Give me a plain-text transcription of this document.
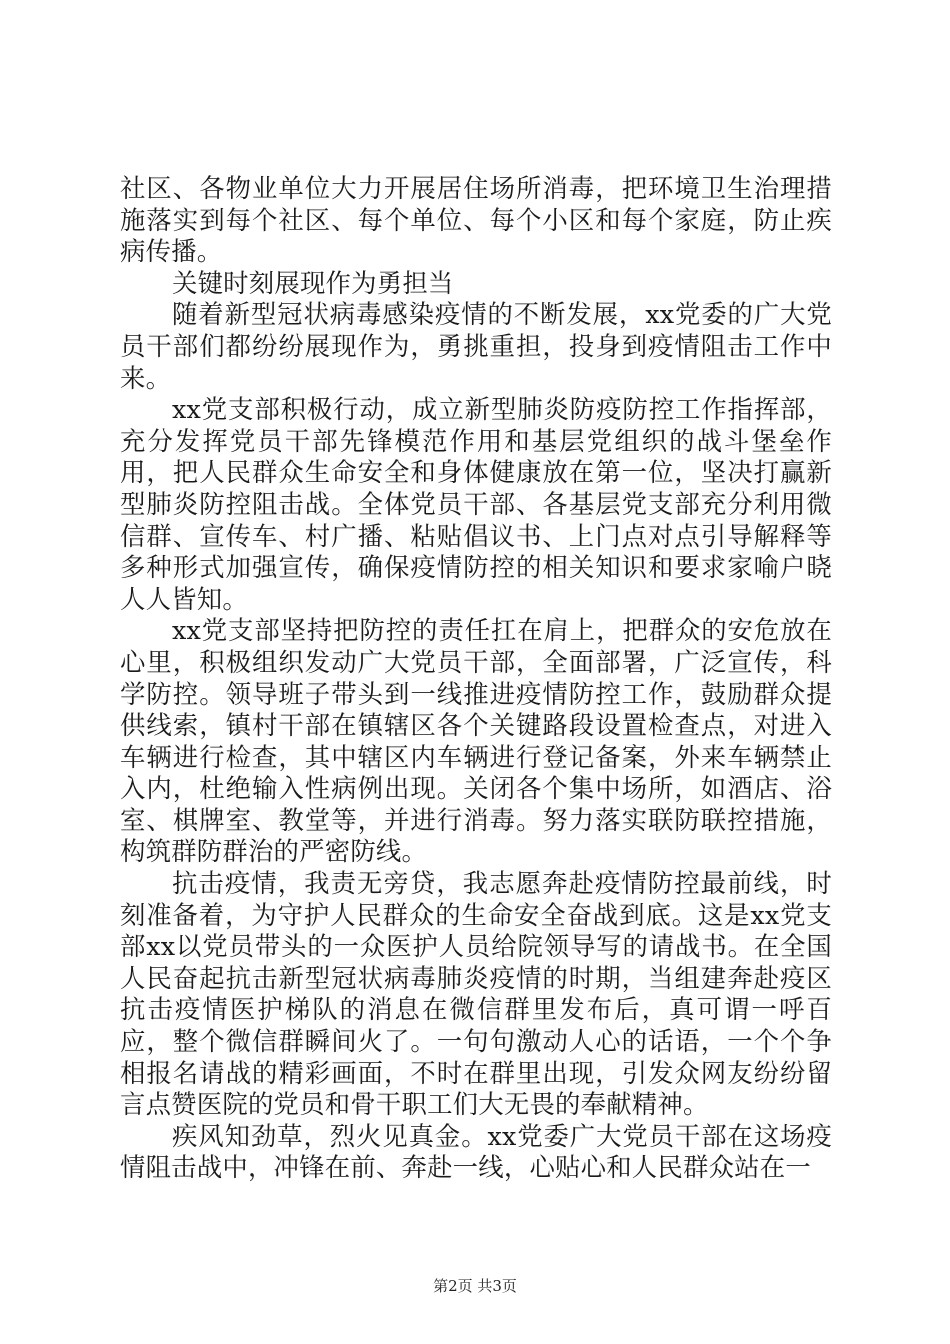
社区、各物业单位大力开展居住场所消毒，把环境卫生治理措施落实到每个社区、每个单位、每个小区和每个家庭，防止疾病传播。

关键时刻展现作为勇担当

随着新型冠状病毒感染疫情的不断发展，xx党委的广大党员干部们都纷纷展现作为，勇挑重担，投身到疫情阻击工作中来。

xx党支部积极行动，成立新型肺炎防疫防控工作指挥部，充分发挥党员干部先锋模范作用和基层党组织的战斗堡垒作用，把人民群众生命安全和身体健康放在第一位，坚决打赢新型肺炎防控阻击战。全体党员干部、各基层党支部充分利用微信群、宣传车、村广播、粘贴倡议书、上门点对点引导解释等多种形式加强宣传，确保疫情防控的相关知识和要求家喻户晓人人皆知。

xx党支部坚持把防控的责任扛在肩上，把群众的安危放在心里，积极组织发动广大党员干部，全面部署，广泛宣传，科学防控。领导班子带头到一线推进疫情防控工作，鼓励群众提供线索，镇村干部在镇辖区各个关键路段设置检查点，对进入车辆进行检查，其中辖区内车辆进行登记备案，外来车辆禁止入内，杜绝输入性病例出现。关闭各个集中场所，如酒店、浴室、棋牌室、教堂等，并进行消毒。努力落实联防联控措施，构筑群防群治的严密防线。

抗击疫情，我责无旁贷，我志愿奔赴疫情防控最前线，时刻准备着，为守护人民群众的生命安全奋战到底。这是xx党支部xx以党员带头的一众医护人员给院领导写的请战书。在全国人民奋起抗击新型冠状病毒肺炎疫情的时期，当组建奔赴疫区抗击疫情医护梯队的消息在微信群里发布后，真可谓一呼百应，整个微信群瞬间火了。一句句激动人心的话语，一个个争相报名请战的精彩画面，不时在群里出现，引发众网友纷纷留言点赞医院的党员和骨干职工们大无畏的奉献精神。

疾风知劲草，烈火见真金。xx党委广大党员干部在这场疫情阻击战中，冲锋在前、奔赴一线，心贴心和人民群众站在一

第2页 共3页
